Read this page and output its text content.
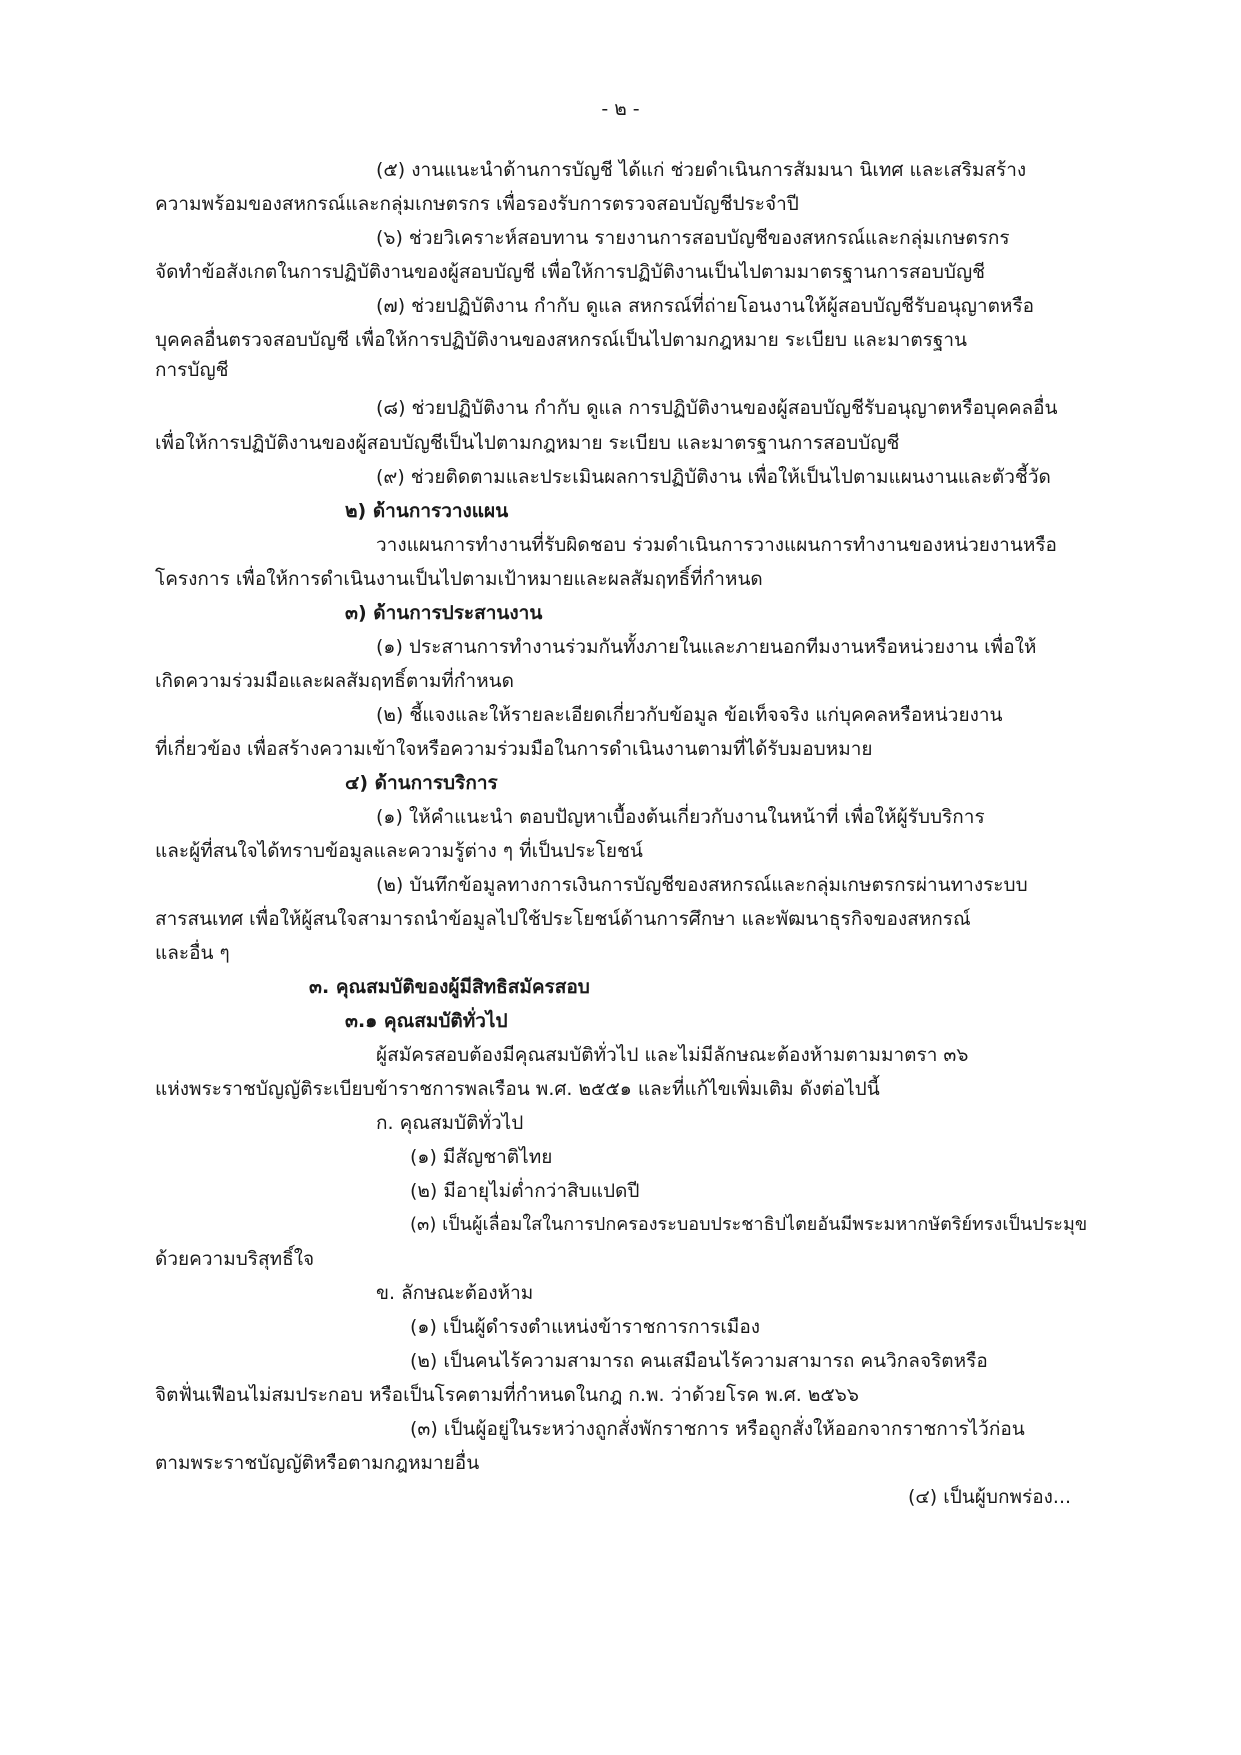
- ๒ -
(๕) งานแนะนำด้านการบัญชี ได้แก่ ช่วยดำเนินการสัมมนา นิเทศ และเสริมสร้าง
ความพร้อมของสหกรณ์และกลุ่มเกษตรกร เพื่อรองรับการตรวจสอบบัญชีประจำปี
(๖) ช่วยวิเคราะห์สอบทาน รายงานการสอบบัญชีของสหกรณ์และกลุ่มเกษตรกร
จัดทำข้อสังเกตในการปฏิบัติงานของผู้สอบบัญชี เพื่อให้การปฏิบัติงานเป็นไปตามมาตรฐานการสอบบัญชี
(๗) ช่วยปฏิบัติงาน กำกับ ดูแล สหกรณ์ที่ถ่ายโอนงานให้ผู้สอบบัญชีรับอนุญาตหรือ
บุคคลอื่นตรวจสอบบัญชี เพื่อให้การปฏิบัติงานของสหกรณ์เป็นไปตามกฎหมาย ระเบียบ และมาตรฐาน
การบัญชี
(๘) ช่วยปฏิบัติงาน กำกับ ดูแล การปฏิบัติงานของผู้สอบบัญชีรับอนุญาตหรือบุคคลอื่น
เพื่อให้การปฏิบัติงานของผู้สอบบัญชีเป็นไปตามกฎหมาย ระเบียบ และมาตรฐานการสอบบัญชี
(๙) ช่วยติดตามและประเมินผลการปฏิบัติงาน เพื่อให้เป็นไปตามแผนงานและตัวชี้วัด
๒) ด้านการวางแผน
วางแผนการทำงานที่รับผิดชอบ ร่วมดำเนินการวางแผนการทำงานของหน่วยงานหรือ
โครงการ เพื่อให้การดำเนินงานเป็นไปตามเป้าหมายและผลสัมฤทธิ์ที่กำหนด
๓) ด้านการประสานงาน
(๑) ประสานการทำงานร่วมกันทั้งภายในและภายนอกทีมงานหรือหน่วยงาน เพื่อให้
เกิดความร่วมมือและผลสัมฤทธิ์ตามที่กำหนด
(๒) ชี้แจงและให้รายละเอียดเกี่ยวกับข้อมูล ข้อเท็จจริง แก่บุคคลหรือหน่วยงาน
ที่เกี่ยวข้อง เพื่อสร้างความเข้าใจหรือความร่วมมือในการดำเนินงานตามที่ได้รับมอบหมาย
๔) ด้านการบริการ
(๑) ให้คำแนะนำ ตอบปัญหาเบื้องต้นเกี่ยวกับงานในหน้าที่ เพื่อให้ผู้รับบริการ
และผู้ที่สนใจได้ทราบข้อมูลและความรู้ต่าง ๆ ที่เป็นประโยชน์
(๒) บันทึกข้อมูลทางการเงินการบัญชีของสหกรณ์และกลุ่มเกษตรกรผ่านทางระบบ
สารสนเทศ เพื่อให้ผู้สนใจสามารถนำข้อมูลไปใช้ประโยชน์ด้านการศึกษา และพัฒนาธุรกิจของสหกรณ์
และอื่น ๆ
๓. คุณสมบัติของผู้มีสิทธิสมัครสอบ
๓.๑ คุณสมบัติทั่วไป
ผู้สมัครสอบต้องมีคุณสมบัติทั่วไป และไม่มีลักษณะต้องห้ามตามมาตรา ๓๖
แห่งพระราชบัญญัติระเบียบข้าราชการพลเรือน พ.ศ. ๒๕๕๑ และที่แก้ไขเพิ่มเติม ดังต่อไปนี้
ก. คุณสมบัติทั่วไป
(๑) มีสัญชาติไทย
(๒) มีอายุไม่ต่ำกว่าสิบแปดปี
(๓) เป็นผู้เลื่อมใสในการปกครองระบอบประชาธิปไตยอันมีพระมหากษัตริย์ทรงเป็นประมุข
ด้วยความบริสุทธิ์ใจ
ข. ลักษณะต้องห้าม
(๑) เป็นผู้ดำรงตำแหน่งข้าราชการการเมือง
(๒) เป็นคนไร้ความสามารถ คนเสมือนไร้ความสามารถ คนวิกลจริตหรือ
จิตฟั่นเฟือนไม่สมประกอบ หรือเป็นโรคตามที่กำหนดในกฎ ก.พ. ว่าด้วยโรค พ.ศ. ๒๕๖๖
(๓) เป็นผู้อยู่ในระหว่างถูกสั่งพักราชการ หรือถูกสั่งให้ออกจากราชการไว้ก่อน
ตามพระราชบัญญัติหรือตามกฎหมายอื่น
(๔) เป็นผู้บกพร่อง...
